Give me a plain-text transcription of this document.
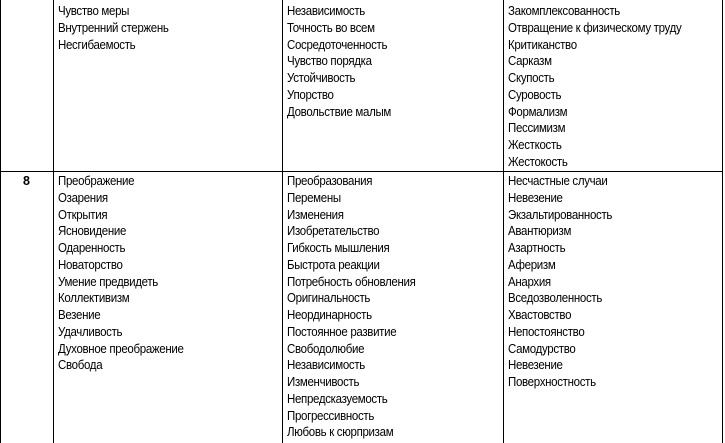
Чувство меры
Внутренний стержень
Несгибаемость
Независимость
Точность во всем
Сосредоточенность
Чувство порядка
Устойчивость
Упорство
Довольствие малым
Закомплексованность
Отвращение к физическому труду
Критиканство
Сарказм
Скупость
Суровость
Формализм
Пессимизм
Жесткость
Жестокость
8	Преображение
Озарения
Открытия
Ясновидение
Одаренность
Новаторство
Умение предвидеть
Коллективизм
Везение
Удачливость
Духовное преображение
Свобода
Преобразования
Перемены
Изменения
Изобретательство
Гибкость мышления
Быстрота реакции
Потребность обновления
Оригинальность
Неординарность
Постоянное развитие
Свободолюбие
Независимость
Изменчивость
Непредсказуемость
Прогрессивность
Любовь к сюрпризам
Несчастные случаи
Невезение
Экзальтированность
Авантюризм
Азартность
Аферизм
Анархия
Вседозволенность
Хвастовство
Непостоянство
Самодурство
Невезение
Поверхностность
